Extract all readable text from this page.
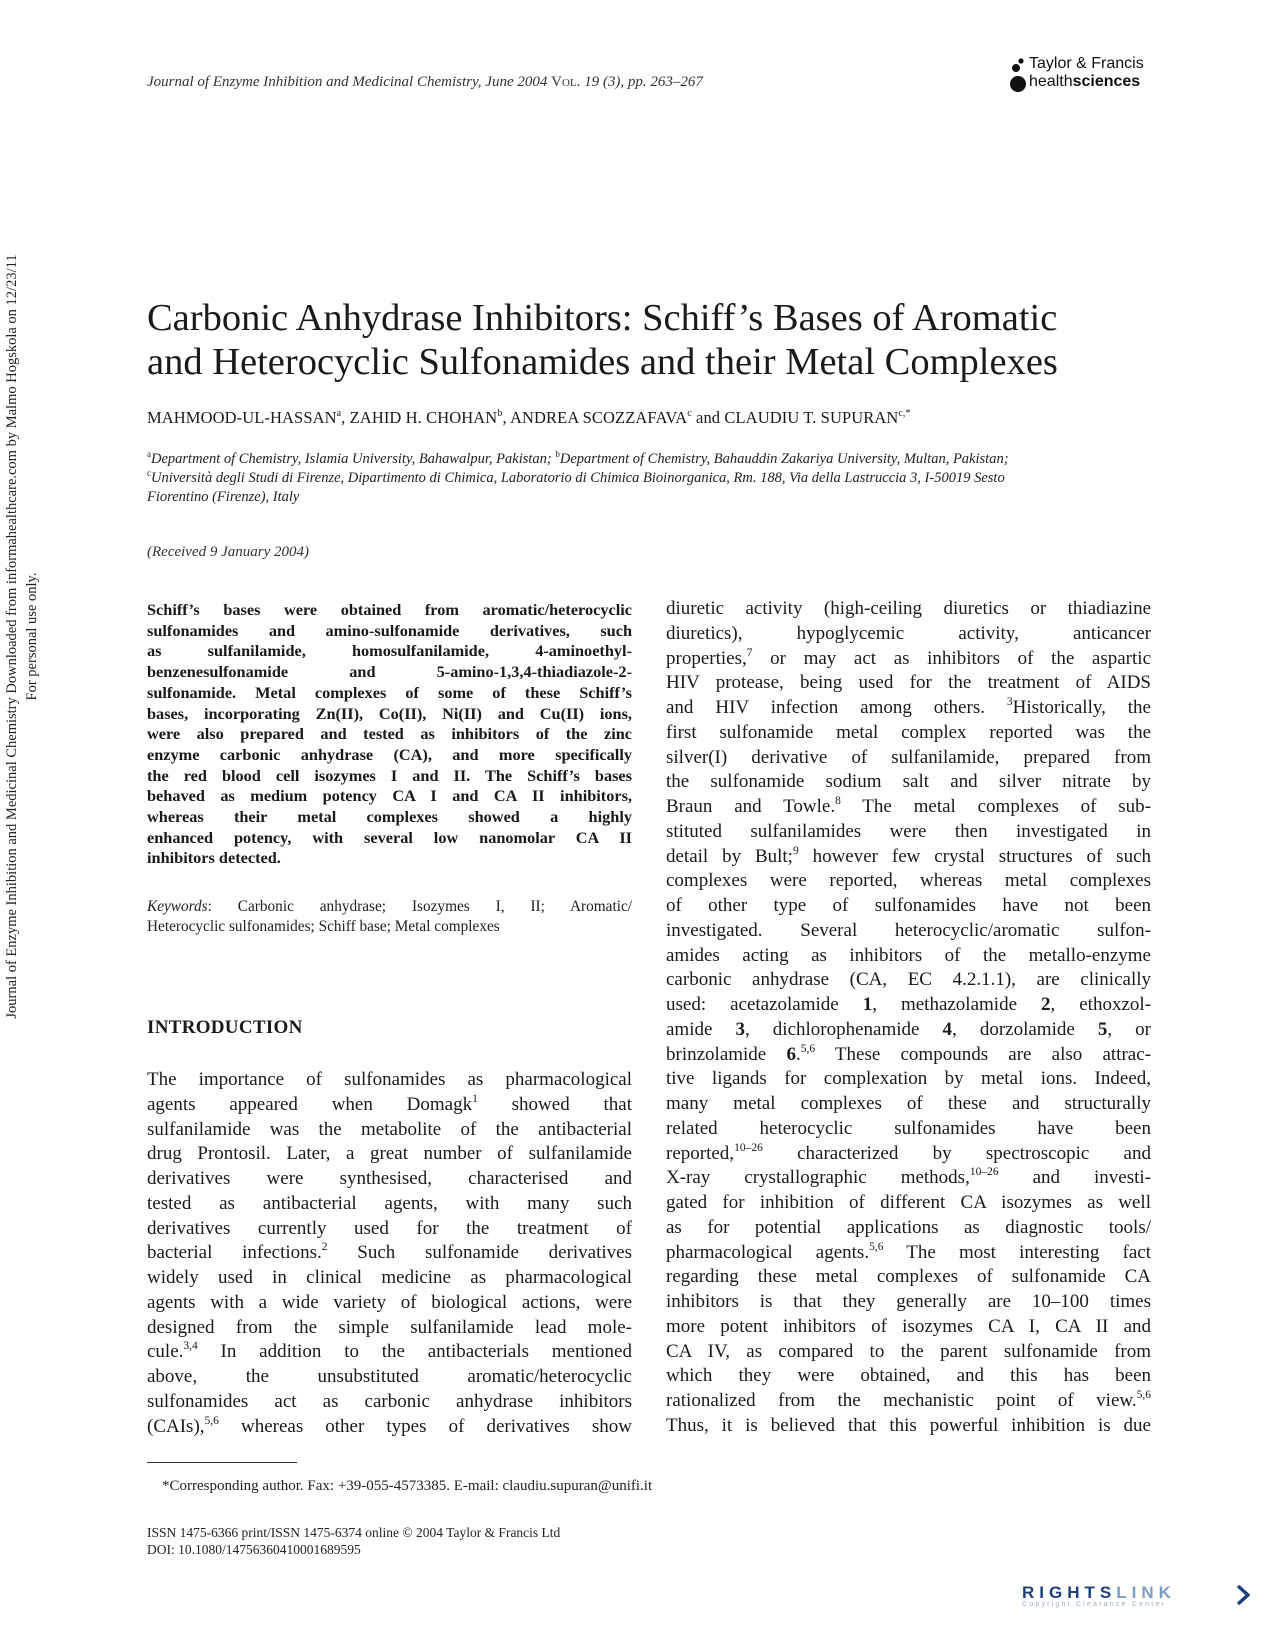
Journal of Enzyme Inhibition and Medicinal Chemistry, June 2004 Vol. 19 (3), pp. 263–267
Taylor & Francis
healthsciences
Journal of Enzyme Inhibition and Medicinal Chemistry Downloaded from informahealthcare.com by Malmo Hogskola on 12/23/11 For personal use only.
Carbonic Anhydrase Inhibitors: Schiff’s Bases of Aromatic
and Heterocyclic Sulfonamides and their Metal Complexes
MAHMOOD-UL-HASSAN$^a$, ZAHID H. CHOHAN$^b$, ANDREA SCOZZAFAVA$^c$ and CLAUDIU T. $SUPURAN^{c,*}$
$^a$Department of Chemistry, Islamia University, Bahawalpur, Pakistan; $^b$Department of Chemistry, Bahauddin Zakariya University, Multan, Pakistan;
$^c$Università degli Studi di Firenze, Dipartimento di Chimica, Laboratorio di Chimica Bioinorganica, Rm. 188, Via della Lastruccia 3, I-50019 Sesto
Fiorentino (Firenze), Italy
(Received 9 January 2004)
Schiff’s bases were obtained from aromatic/heterocyclic
sulfonamides and amino-sulfonamide derivatives, such
as sulfanilamide, homosulfanilamide, 4-aminoethyl-
benzenesulfonamide and 5-amino-1,3,4-thiadiazole-2-
sulfonamide. Metal complexes of some of these Schiff’s
bases, incorporating Zn(II), Co(II), Ni(II) and Cu(II) ions,
were also prepared and tested as inhibitors of the zinc
enzyme carbonic anhydrase (CA), and more specifically
the red blood cell isozymes I and II. The Schiff’s bases
behaved as medium potency CA I and CA II inhibitors,
whereas their metal complexes showed a highly
enhanced potency, with several low nanomolar CA II
inhibitors detected.
Keywords: Carbonic anhydrase; Isozymes I, II; Aromatic/
Heterocyclic sulfonamides; Schiff base; Metal complexes
INTRODUCTION
The importance of sulfonamides as pharmacological
agents appeared when Domagk$^1$ showed that
sulfanilamide was the metabolite of the antibacterial
drug Prontosil. Later, a great number of sulfanilamide
derivatives were synthesised, characterised and
tested as antibacterial agents, with many such
derivatives currently used for the treatment of
bacterial infections.$^2$ Such sulfonamide derivatives
widely used in clinical medicine as pharmacological
agents with a wide variety of biological actions, were
designed from the simple sulfanilamide lead mole-
cule.$^{3,4}$ In addition to the antibacterials mentioned
above, the unsubstituted aromatic/heterocyclic
sulfonamides act as carbonic anhydrase inhibitors
(CAIs),$^{5,6}$ whereas other types of derivatives show
diuretic activity (high-ceiling diuretics or thiadiazine
diuretics), hypoglycemic activity, anticancer
properties,$^7$ or may act as inhibitors of the aspartic
HIV protease, being used for the treatment of AIDS
and HIV infection among others. $^3$Historically, the
first sulfonamide metal complex reported was the
silver(I) derivative of sulfanilamide, prepared from
the sulfonamide sodium salt and silver nitrate by
Braun and Towle.$^8$ The metal complexes of sub-
stituted sulfanilamides were then investigated in
detail by Bult;$^9$ however few crystal structures of such
complexes were reported, whereas metal complexes
of other type of sulfonamides have not been
investigated. Several heterocyclic/aromatic sulfon-
amides acting as inhibitors of the metallo-enzyme
carbonic anhydrase (CA, EC 4.2.1.1), are clinically
used: acetazolamide 1, methazolamide 2, ethoxzol-
amide 3, dichlorophenamide 4, dorzolamide 5, or
brinzolamide 6.$^{5,6}$ These compounds are also attrac-
tive ligands for complexation by metal ions. Indeed,
many metal complexes of these and structurally
related heterocyclic sulfonamides have been
reported,$^{10-26}$ characterized by spectroscopic and
X-ray crystallographic methods,$^{10-26}$ and investi-
gated for inhibition of different CA isozymes as well
as for potential applications as diagnostic tools/
pharmacological agents.$^{5,6}$ The most interesting fact
regarding these metal complexes of sulfonamide CA
inhibitors is that they generally are 10–100 times
more potent inhibitors of isozymes CA I, CA II and
CA IV, as compared to the parent sulfonamide from
which they were obtained, and this has been
rationalized from the mechanistic point of view.$^{5,6}$
Thus, it is believed that this powerful inhibition is due
*Corresponding author. Fax: +39-055-4573385. E-mail: claudiu.supuran@unifi.it
ISSN 1475-6366 print/ISSN 1475-6374 online © 2004 Taylor & Francis Ltd
DOI: 10.1080/14756360410001689595
RIGHTSLINK
Copyright Clearance Center
